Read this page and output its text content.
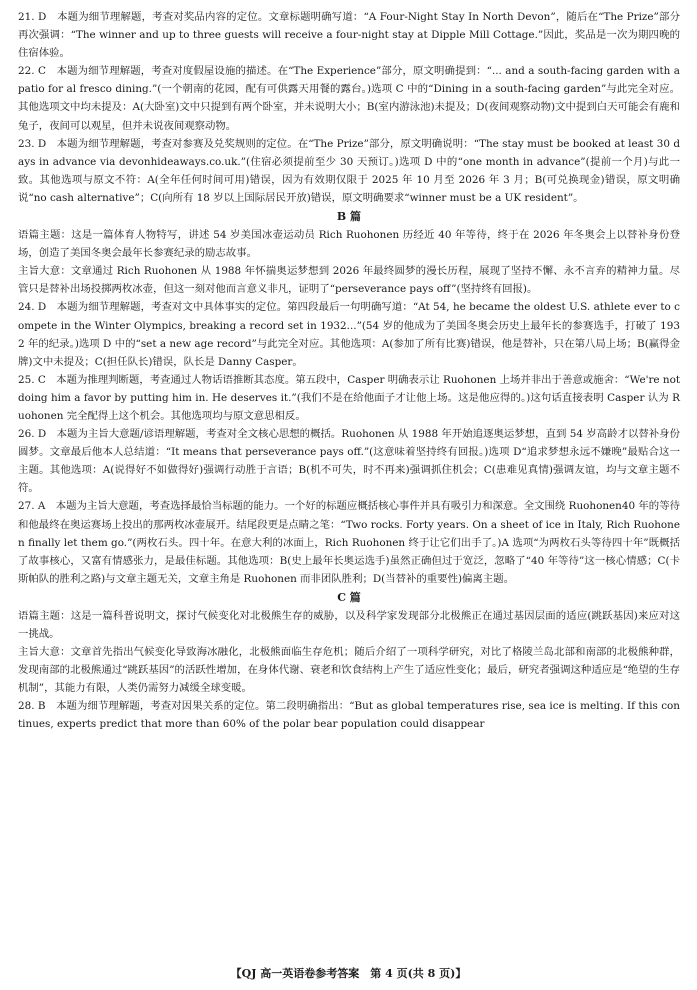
21. D　本题为细节理解题，考查对奖品内容的定位。文章标题明确写道：“A Four-Night Stay In North Devon”，随后在“The Prize”部分再次强调：“The winner and up to three guests will receive a four-night stay at Dipple Mill Cottage.”因此，奖品是一次为期四晚的住宿体验。

22. C　本题为细节理解题，考查对度假屋设施的描述。在“The Experience”部分，原文明确提到：“... and a south-facing garden with a patio for al fresco dining.”(一个朝南的花园，配有可供露天用餐的露台。)选项 C 中的“Dining in a south-facing garden”与此完全对应。其他选项文中均未提及：A(大卧室)文中只提到有两个卧室，并未说明大小；B(室内游泳池)未提及；D(夜间观察动物)文中提到白天可能会有鹿和兔子，夜间可以观星，但并未说夜间观察动物。

23. D　本题为细节理解题，考查对参赛及兑奖规则的定位。在“The Prize”部分，原文明确说明：“The stay must be booked at least 30 days in advance via devonhideaways.co.uk.”(住宿必须提前至少 30 天预订。)选项 D 中的“one month in advance”(提前一个月)与此一致。其他选项与原文不符：A(全年任何时间可用)错误，因为有效期仅限于 2025 年 10 月至 2026 年 3 月；B(可兑换现金)错误，原文明确说“no cash alternative”；C(向所有 18 岁以上国际居民开放)错误，原文明确要求“winner must be a UK resident”。

B 篇

语篇主题：这是一篇体育人物特写，讲述 54 岁美国冰壶运动员 Rich Ruohonen 历经近 40 年等待，终于在 2026 年冬奥会上以替补身份登场，创造了美国冬奥会最年长参赛纪录的励志故事。

主旨大意：文章通过 Rich Ruohonen 从 1988 年怀揣奥运梦想到 2026 年最终圆梦的漫长历程，展现了坚持不懈、永不言弃的精神力量。尽管只是替补出场投掷两枚冰壶，但这一刻对他而言意义非凡，证明了“perseverance pays off”(坚持终有回报)。

24. D　本题为细节理解题，考查对文中具体事实的定位。第四段最后一句明确写道：“At 54, he became the oldest U.S. athlete ever to compete in the Winter Olympics, breaking a record set in 1932...”(54 岁的他成为了美国冬奥会历史上最年长的参赛选手，打破了 1932 年的纪录。)选项 D 中的“set a new age record”与此完全对应。其他选项：A(参加了所有比赛)错误，他是替补，只在第八局上场；B(赢得金牌)文中未提及；C(担任队长)错误，队长是 Danny Casper。

25. C　本题为推理判断题，考查通过人物话语推断其态度。第五段中，Casper 明确表示让 Ruohonen 上场并非出于善意或施舍：“We're not doing him a favor by putting him in. He deserves it.”(我们不是在给他面子才让他上场。这是他应得的。)这句话直接表明 Casper 认为 Ruohonen 完全配得上这个机会。其他选项均与原文意思相反。

26. D　本题为主旨大意题/谚语理解题，考查对全文核心思想的概括。Ruohonen 从 1988 年开始追逐奥运梦想，直到 54 岁高龄才以替补身份圆梦。文章最后他本人总结道：“It means that perseverance pays off.”(这意味着坚持终有回报。)选项 D“追求梦想永远不嫌晚”最贴合这一主题。其他选项：A(说得好不如做得好)强调行动胜于言语；B(机不可失，时不再来)强调抓住机会；C(患难见真情)强调友谊，均与文章主题不符。

27. A　本题为主旨大意题，考查选择最恰当标题的能力。一个好的标题应概括核心事件并具有吸引力和深意。全文围绕 Ruohonen40 年的等待和他最终在奥运赛场上投出的那两枚冰壶展开。结尾段更是点睛之笔：“Two rocks. Forty years. On a sheet of ice in Italy, Rich Ruohonen finally let them go.”(两枚石头。四十年。在意大利的冰面上，Rich Ruohonen 终于让它们出手了。)A 选项“为两枚石头等待四十年”既概括了故事核心，又富有情感张力，是最佳标题。其他选项：B(史上最年长奥运选手)虽然正确但过于宽泛，忽略了“40 年等待”这一核心情感；C(卡斯帕队的胜利之路)与文章主题无关，文章主角是 Ruohonen 而非团队胜利；D(当替补的重要性)偏离主题。

C 篇

语篇主题：这是一篇科普说明文，探讨气候变化对北极熊生存的威胁，以及科学家发现部分北极熊正在通过基因层面的适应(跳跃基因)来应对这一挑战。

主旨大意：文章首先指出气候变化导致海冰融化，北极熊面临生存危机；随后介绍了一项科学研究，对比了格陵兰岛北部和南部的北极熊种群，发现南部的北极熊通过“跳跃基因”的活跃性增加，在身体代谢、衰老和饮食结构上产生了适应性变化；最后，研究者强调这种适应是“绝望的生存机制”，其能力有限，人类仍需努力减缓全球变暖。

28. B　本题为细节理解题，考查对因果关系的定位。第二段明确指出：“But as global temperatures rise, sea ice is melting. If this continues, experts predict that more than 60% of the polar bear population could disappear

【QJ 高一英语卷参考答案　第 4 页(共 8 页)】
